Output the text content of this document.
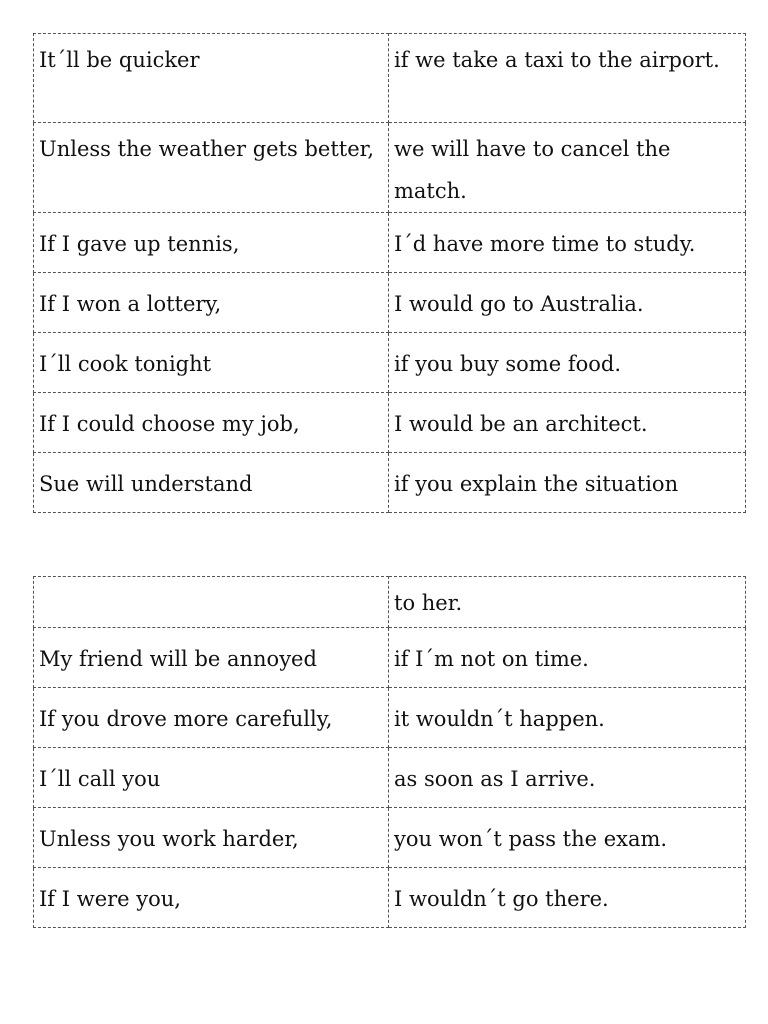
It´ll be quicker	if we take a taxi to the airport.
Unless the weather gets better,	we will have to cancel the match.
If I gave up tennis,	I´d have more time to study.
If I won a lottery,	I would go to Australia.
I´ll cook tonight	if you buy some food.
If I could choose my job,	I would be an architect.
Sue will understand	if you explain the situation
	to her.
My friend will be annoyed	if I´m not on time.
If you drove more carefully,	it wouldn´t happen.
I´ll call you	as soon as I arrive.
Unless you work harder,	you won´t pass the exam.
If I were you,	I wouldn´t go there.
